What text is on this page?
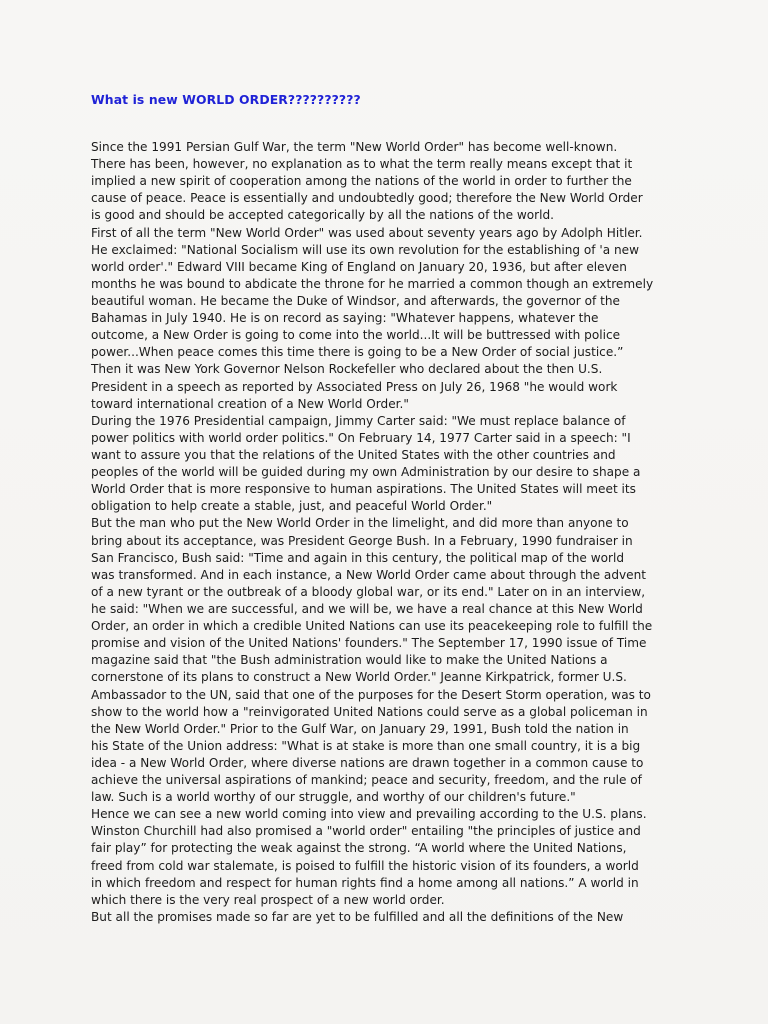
What is new WORLD ORDER??????????
Since the 1991 Persian Gulf War, the term "New World Order" has become well-known.
There has been, however, no explanation as to what the term really means except that it
implied a new spirit of cooperation among the nations of the world in order to further the
cause of peace. Peace is essentially and undoubtedly good; therefore the New World Order
is good and should be accepted categorically by all the nations of the world.
First of all the term "New World Order" was used about seventy years ago by Adolph Hitler.
He exclaimed: "National Socialism will use its own revolution for the establishing of 'a new
world order'." Edward VIII became King of England on January 20, 1936, but after eleven
months he was bound to abdicate the throne for he married a common though an extremely
beautiful woman. He became the Duke of Windsor, and afterwards, the governor of the
Bahamas in July 1940. He is on record as saying: "Whatever happens, whatever the
outcome, a New Order is going to come into the world...It will be buttressed with police
power...When peace comes this time there is going to be a New Order of social justice.”
Then it was New York Governor Nelson Rockefeller who declared about the then U.S.
President in a speech as reported by Associated Press on July 26, 1968 "he would work
toward international creation of a New World Order."
During the 1976 Presidential campaign, Jimmy Carter said: "We must replace balance of
power politics with world order politics." On February 14, 1977 Carter said in a speech: "I
want to assure you that the relations of the United States with the other countries and
peoples of the world will be guided during my own Administration by our desire to shape a
World Order that is more responsive to human aspirations. The United States will meet its
obligation to help create a stable, just, and peaceful World Order."
But the man who put the New World Order in the limelight, and did more than anyone to
bring about its acceptance, was President George Bush. In a February, 1990 fundraiser in
San Francisco, Bush said: "Time and again in this century, the political map of the world
was transformed. And in each instance, a New World Order came about through the advent
of a new tyrant or the outbreak of a bloody global war, or its end." Later on in an interview,
he said: "When we are successful, and we will be, we have a real chance at this New World
Order, an order in which a credible United Nations can use its peacekeeping role to fulfill the
promise and vision of the United Nations' founders." The September 17, 1990 issue of Time
magazine said that "the Bush administration would like to make the United Nations a
cornerstone of its plans to construct a New World Order." Jeanne Kirkpatrick, former U.S.
Ambassador to the UN, said that one of the purposes for the Desert Storm operation, was to
show to the world how a "reinvigorated United Nations could serve as a global policeman in
the New World Order." Prior to the Gulf War, on January 29, 1991, Bush told the nation in
his State of the Union address: "What is at stake is more than one small country, it is a big
idea - a New World Order, where diverse nations are drawn together in a common cause to
achieve the universal aspirations of mankind; peace and security, freedom, and the rule of
law. Such is a world worthy of our struggle, and worthy of our children's future."
Hence we can see a new world coming into view and prevailing according to the U.S. plans.
Winston Churchill had also promised a "world order" entailing "the principles of justice and
fair play” for protecting the weak against the strong. “A world where the United Nations,
freed from cold war stalemate, is poised to fulfill the historic vision of its founders, a world
in which freedom and respect for human rights find a home among all nations.” A world in
which there is the very real prospect of a new world order.
But all the promises made so far are yet to be fulfilled and all the definitions of the New
